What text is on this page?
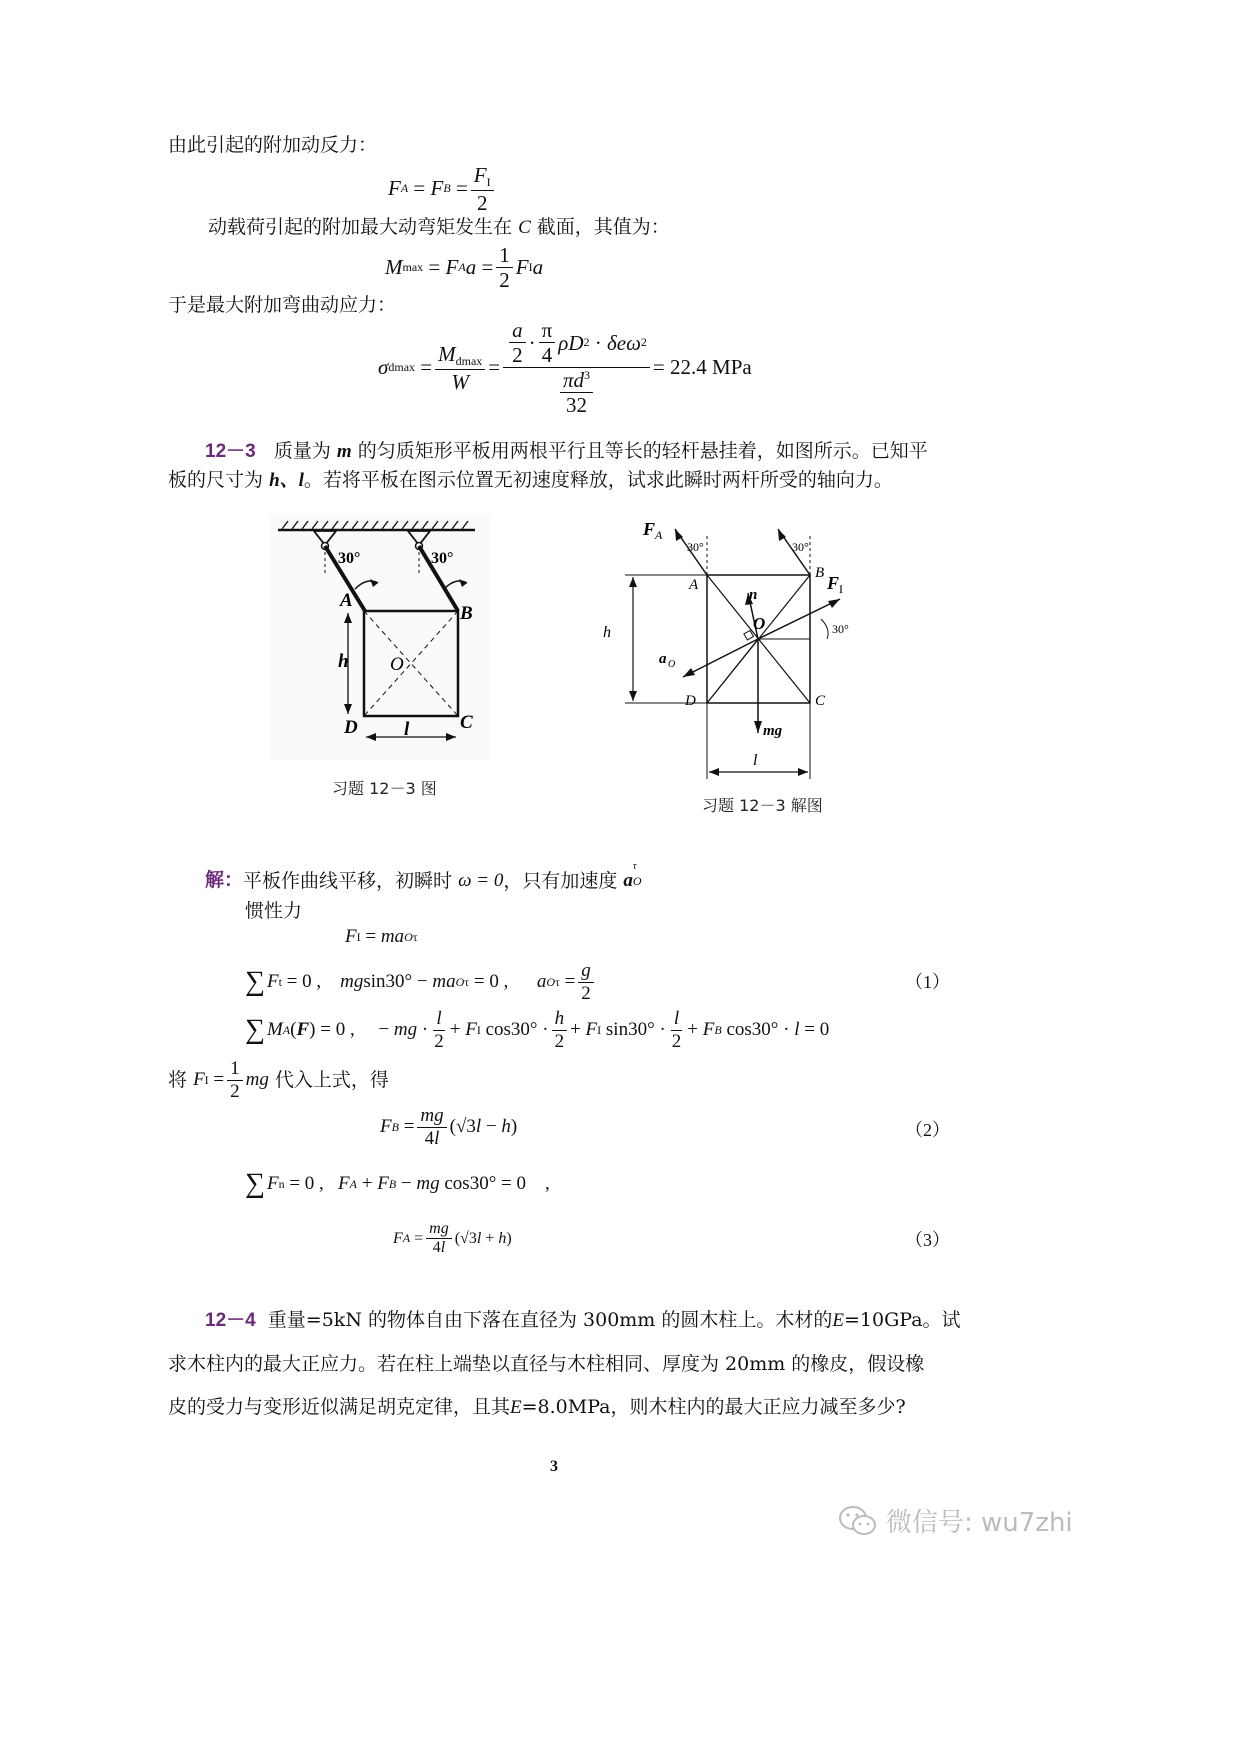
由此引起的附加动反力：
F A = F $B = \frac{F_I}{2}$
动载荷引起的附加最大动弯矩发生在 C 截面，其值为：
M max = F A $a = \frac{1}{2}$ F I a
于是最大附加弯曲动应力：
σ $dmax = \frac{M_{dmax}}{W} = \frac{\frac{a}{2} \cdot \frac{\pi}{4} \rho D 2 \cdot \delta e\omega 2}{\frac{\pi d^3}{32}} = 22.4$ MPa
12－3 质量为 m 的匀质矩形平板用两根平行且等长的轻杆悬挂着，如图所示。已知平
板的尺寸为 h、l。若将平板在图示位置无初速度释放，试求此瞬时两杆所受的轴向力。
30°	30°
A
B
C
D
O
h
l
习题 12－3 图
30°	30°
30°
F A
F I
A
B
C
D
O
n
a O
mg
h
l
习题 12－3 解图
解 ： 平板作曲线平移，初瞬时
ω = 0 ，只有加速度
a O
τ
惯性力
F I = ma O τ
∑ F t = 0 , mg sin30° − ma O τ = 0 , a O $\tau = \frac{g}{2}$	（1）
∑ M A ( F ) = 0 ,     − mg · $\frac{l}{2} + F$ I $\cos 30^\circ \cdot \frac{h}{2} + F$ I $\sin 30^\circ \cdot \frac{l}{2} + F$ B cos30° · l = 0
将
F $I = \frac{1}{2}$ mg
代入上式，得
F $B = \frac{mg}{4l} (√3$ l − h )	（2）
∑ F n = 0 , F A + F B − mg cos30° = 0    ,
F $A = \frac{mg}{4l} (√3$ l + h )	（3）
12－4 重量=5kN 的物体自由下落在直径为 300mm 的圆木柱上。木材的E=10GPa。试
求木柱内的最大正应力。若在柱上端垫以直径与木柱相同、厚度为 20mm 的橡皮，假设橡
皮的受力与变形近似满足胡克定律，且其E=8.0MPa，则木柱内的最大正应力减至多少?
3
微信号: wu7zhi
